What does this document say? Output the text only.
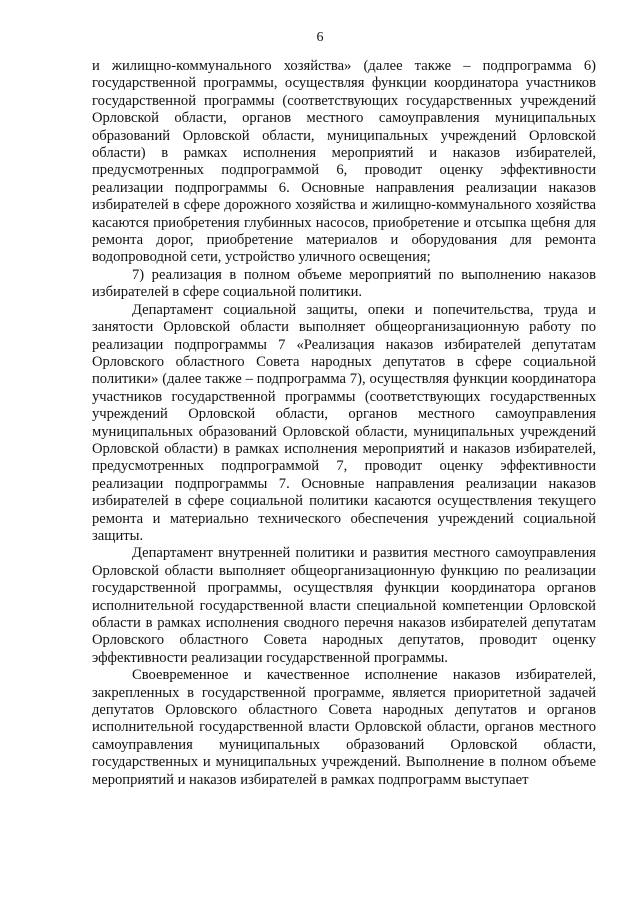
6

и жилищно-коммунального хозяйства» (далее также – подпрограмма 6) государственной программы, осуществляя функции координатора участников государственной программы (соответствующих государственных учреждений Орловской области, органов местного самоуправления муниципальных образований Орловской области, муниципальных учреждений Орловской области) в рамках исполнения мероприятий и наказов избирателей, предусмотренных подпрограммой 6, проводит оценку эффективности реализации подпрограммы 6. Основные направления реализации наказов избирателей в сфере дорожного хозяйства и жилищно-коммунального хозяйства касаются приобретения глубинных насосов, приобретение и отсыпка щебня для ремонта дорог, приобретение материалов и оборудования для ремонта водопроводной сети, устройство уличного освещения;

7) реализация в полном объеме мероприятий по выполнению наказов избирателей в сфере социальной политики.

Департамент социальной защиты, опеки и попечительства, труда и занятости Орловской области выполняет общеорганизационную работу по реализации подпрограммы 7 «Реализация наказов избирателей депутатам Орловского областного Совета народных депутатов в сфере социальной политики» (далее также – подпрограмма 7), осуществляя функции координатора участников государственной программы (соответствующих государственных учреждений Орловской области, органов местного самоуправления муниципальных образований Орловской области, муниципальных учреждений Орловской области) в рамках исполнения мероприятий и наказов избирателей, предусмотренных подпрограммой 7, проводит оценку эффективности реализации подпрограммы 7. Основные направления реализации наказов избирателей в сфере социальной политики касаются осуществления текущего ремонта и материально технического обеспечения учреждений социальной защиты.

Департамент внутренней политики и развития местного самоуправления Орловской области выполняет общеорганизационную функцию по реализации государственной программы, осуществляя функции координатора органов исполнительной государственной власти специальной компетенции Орловской области в рамках исполнения сводного перечня наказов избирателей депутатам Орловского областного Совета народных депутатов, проводит оценку эффективности реализации государственной программы.

Своевременное и качественное исполнение наказов избирателей, закрепленных в государственной программе, является приоритетной задачей депутатов Орловского областного Совета народных депутатов и органов исполнительной государственной власти Орловской области, органов местного самоуправления муниципальных образований Орловской области, государственных и муниципальных учреждений. Выполнение в полном объеме мероприятий и наказов избирателей в рамках подпрограмм выступает
